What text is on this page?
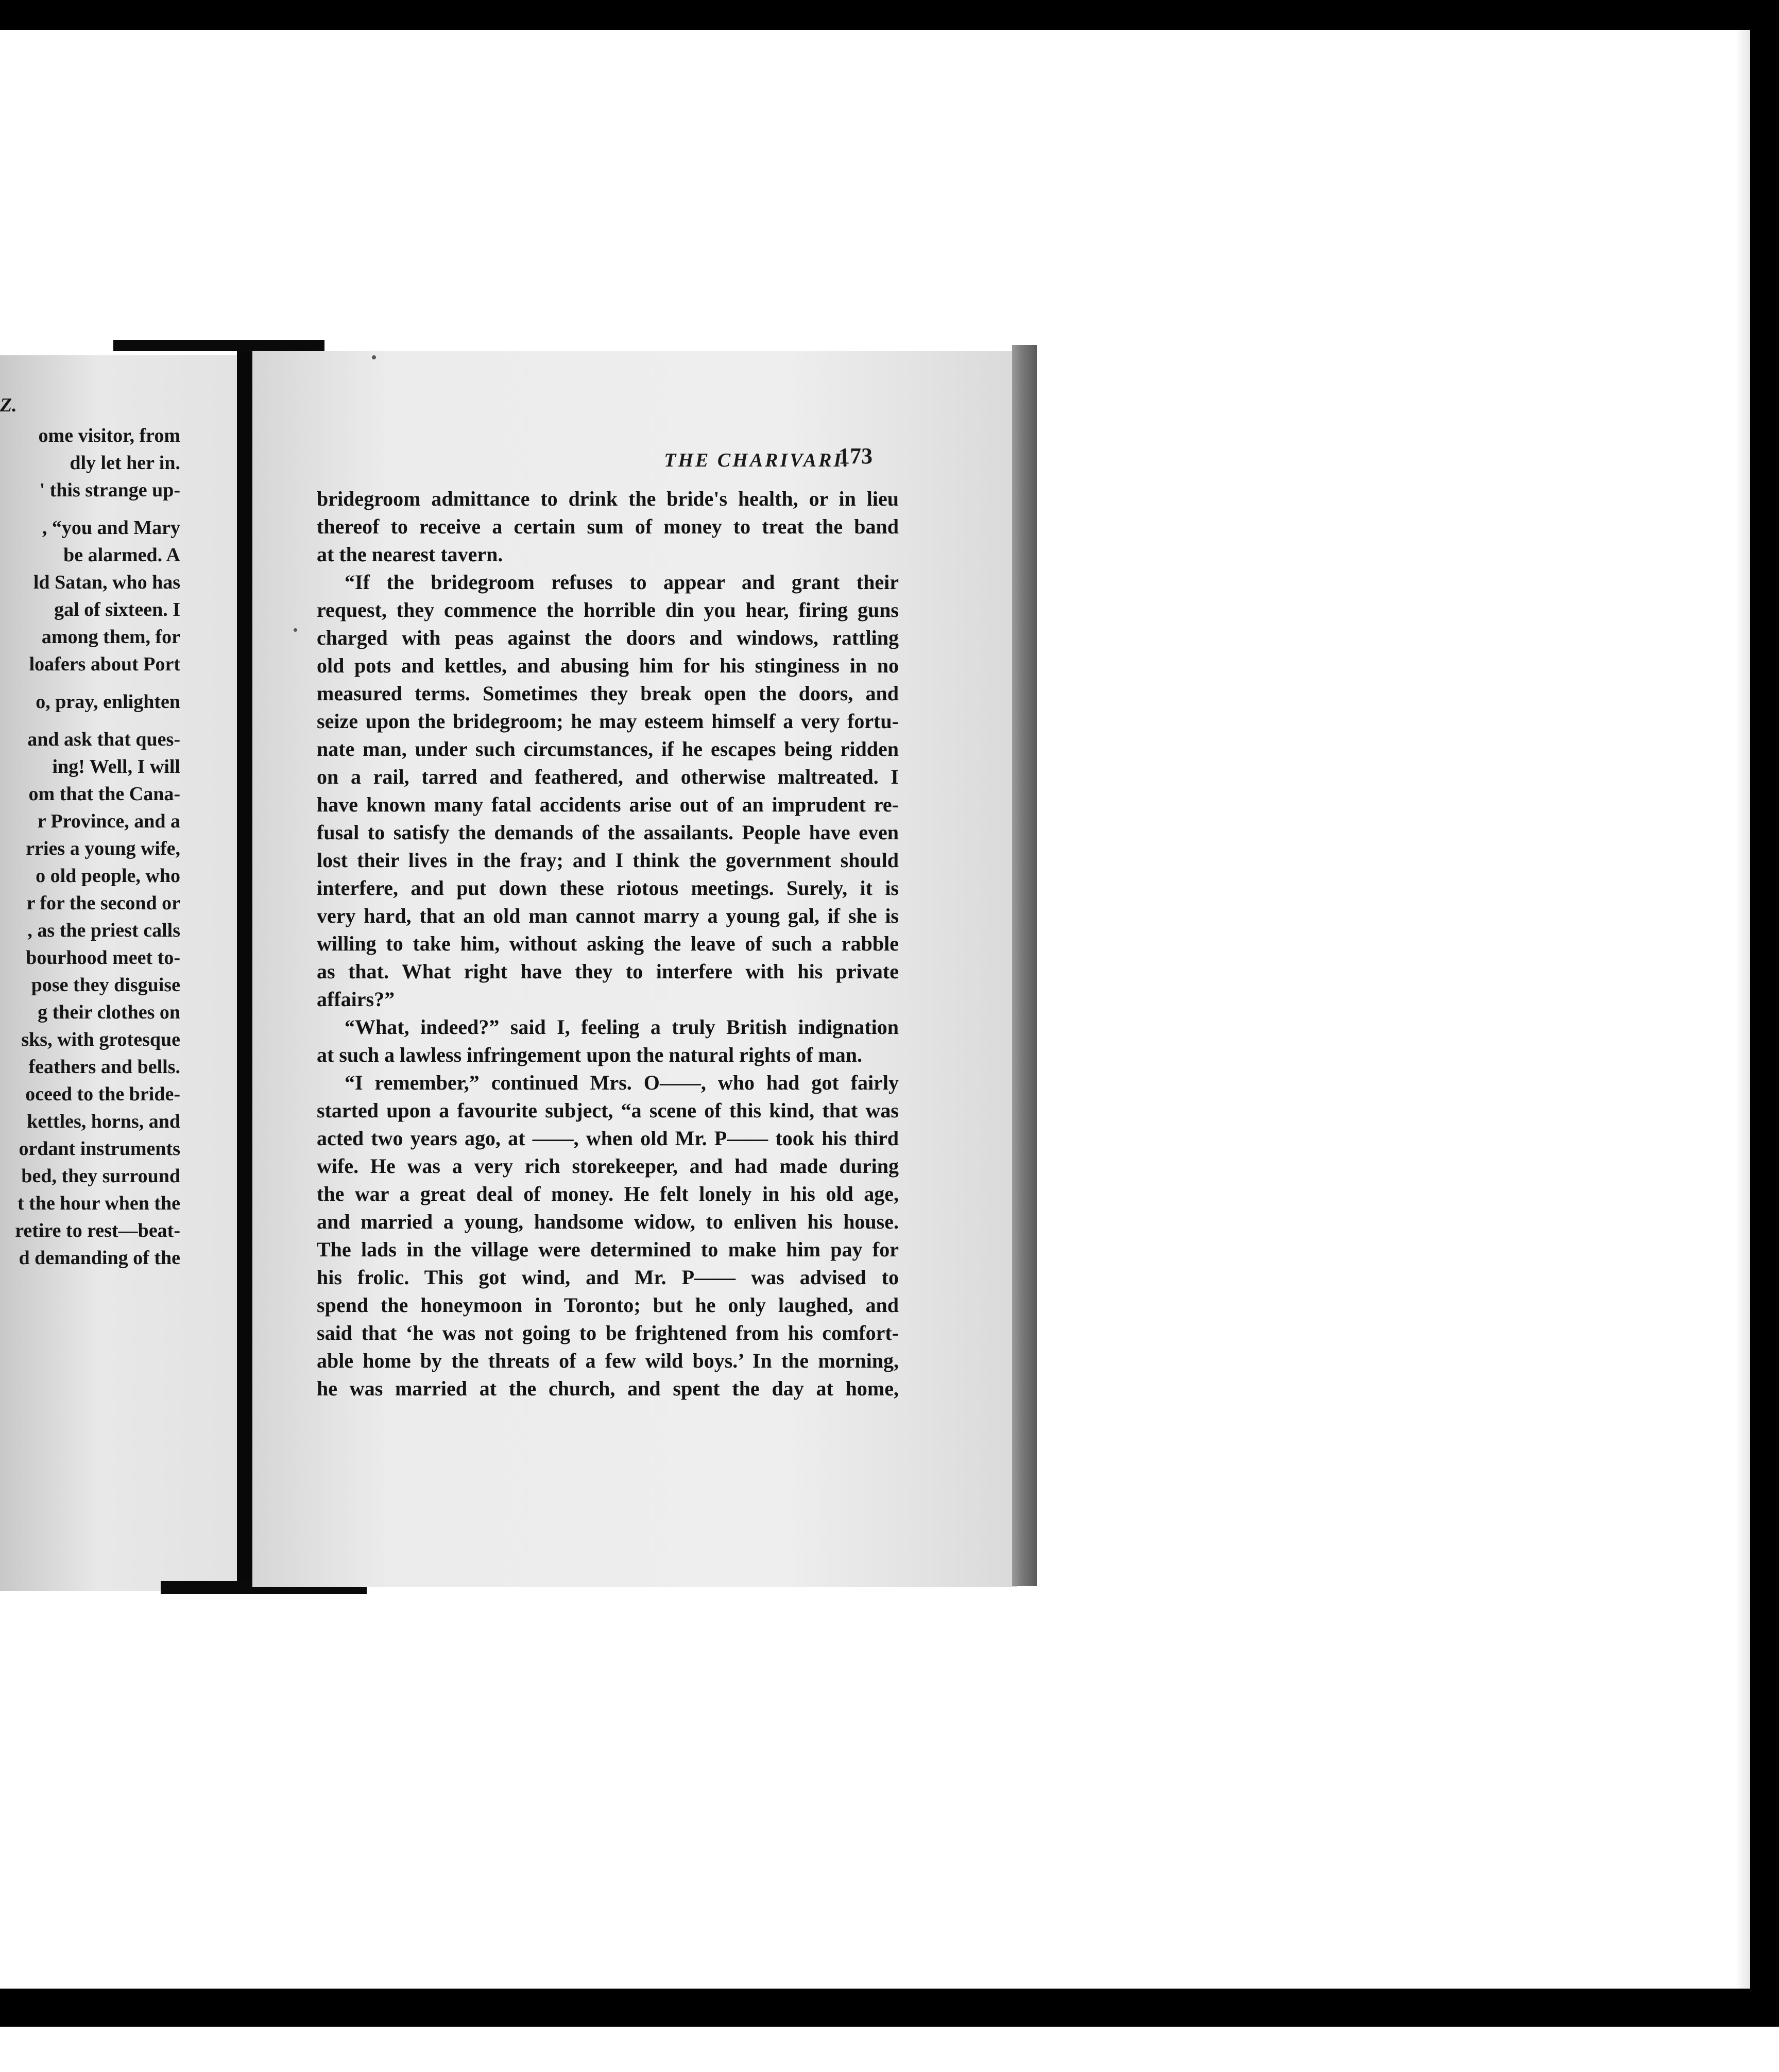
Z.
ome visitor, from
dly let her in.
' this strange up-
, “you and Mary
be alarmed. A
ld Satan, who has
gal of sixteen. I
among them, for
loafers about Port
o, pray, enlighten
and ask that ques-
ing! Well, I will
om that the Cana-
r Province, and a
rries a young wife,
o old people, who
r for the second or
, as the priest calls
bourhood meet to-
pose they disguise
g their clothes on
sks, with grotesque
feathers and bells.
oceed to the bride-
kettles, horns, and
ordant instruments
bed, they surround
t the hour when the
retire to rest—beat-
d demanding of the
THE CHARIVARI.
173
bridegroom admittance to drink the bride's health, or in lieu
thereof to receive a certain sum of money to treat the band
at the nearest tavern.
“If the bridegroom refuses to appear and grant their
request, they commence the horrible din you hear, firing guns
charged with peas against the doors and windows, rattling
old pots and kettles, and abusing him for his stinginess in no
measured terms. Sometimes they break open the doors, and
seize upon the bridegroom; he may esteem himself a very fortu-
nate man, under such circumstances, if he escapes being ridden
on a rail, tarred and feathered, and otherwise maltreated. I
have known many fatal accidents arise out of an imprudent re-
fusal to satisfy the demands of the assailants. People have even
lost their lives in the fray; and I think the government should
interfere, and put down these riotous meetings. Surely, it is
very hard, that an old man cannot marry a young gal, if she is
willing to take him, without asking the leave of such a rabble
as that. What right have they to interfere with his private
affairs?”
“What, indeed?” said I, feeling a truly British indignation
at such a lawless infringement upon the natural rights of man.
“I remember,” continued Mrs. O——, who had got fairly
started upon a favourite subject, “a scene of this kind, that was
acted two years ago, at ——, when old Mr. P—— took his third
wife. He was a very rich storekeeper, and had made during
the war a great deal of money. He felt lonely in his old age,
and married a young, handsome widow, to enliven his house.
The lads in the village were determined to make him pay for
his frolic. This got wind, and Mr. P—— was advised to
spend the honeymoon in Toronto; but he only laughed, and
said that ‘he was not going to be frightened from his comfort-
able home by the threats of a few wild boys.’ In the morning,
he was married at the church, and spent the day at home,
